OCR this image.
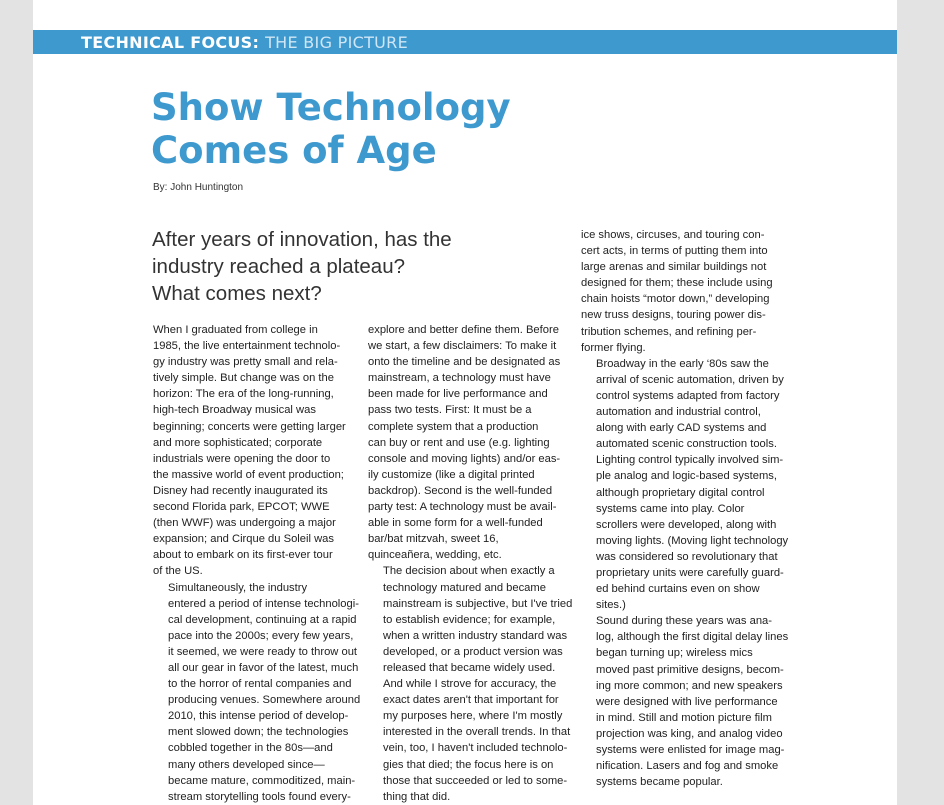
TECHNICAL FOCUS: THE BIG PICTURE
Show Technology
Comes of Age
By: John Huntington
After years of innovation, has the
industry reached a plateau?
What comes next?

When I graduated from college in
1985, the live entertainment technolo-
gy industry was pretty small and rela-
tively simple. But change was on the
horizon: The era of the long-running,
high-tech Broadway musical was
beginning; concerts were getting larger
and more sophisticated; corporate
industrials were opening the door to
the massive world of event production;
Disney had recently inaugurated its
second Florida park, EPCOT; WWE
(then WWF) was undergoing a major
expansion; and Cirque du Soleil was
about to embark on its first-ever tour
of the US.

Simultaneously, the industry
entered a period of intense technologi-
cal development, continuing at a rapid
pace into the 2000s; every few years,
it seemed, we were ready to throw out
all our gear in favor of the latest, much
to the horror of rental companies and
producing venues. Somewhere around
2010, this intense period of develop-
ment slowed down; the technologies
cobbled together in the 80s—and
many others developed since—
became mature, commoditized, main-
stream storytelling tools found every-

explore and better define them. Before
we start, a few disclaimers: To make it
onto the timeline and be designated as
mainstream, a technology must have
been made for live performance and
pass two tests. First: It must be a
complete system that a production
can buy or rent and use (e.g. lighting
console and moving lights) and/or eas-
ily customize (like a digital printed
backdrop). Second is the well-funded
party test: A technology must be avail-
able in some form for a well-funded
bar/bat mitzvah, sweet 16,
quinceañera, wedding, etc.

The decision about when exactly a
technology matured and became
mainstream is subjective, but I've tried
to establish evidence; for example,
when a written industry standard was
developed, or a product version was
released that became widely used.
And while I strove for accuracy, the
exact dates aren't that important for
my purposes here, where I'm mostly
interested in the overall trends. In that
vein, too, I haven't included technolo-
gies that died; the focus here is on
those that succeeded or led to some-
thing that did.

ice shows, circuses, and touring con-
cert acts, in terms of putting them into
large arenas and similar buildings not
designed for them; these include using
chain hoists “motor down,” developing
new truss designs, touring power dis-
tribution schemes, and refining per-
former flying.

Broadway in the early ‘80s saw the
arrival of scenic automation, driven by
control systems adapted from factory
automation and industrial control,
along with early CAD systems and
automated scenic construction tools.
Lighting control typically involved sim-
ple analog and logic-based systems,
although proprietary digital control
systems came into play. Color
scrollers were developed, along with
moving lights. (Moving light technology
was considered so revolutionary that
proprietary units were carefully guard-
ed behind curtains even on show
sites.)

Sound during these years was ana-
log, although the first digital delay lines
began turning up; wireless mics
moved past primitive designs, becom-
ing more common; and new speakers
were designed with live performance
in mind. Still and motion picture film
projection was king, and analog video
systems were enlisted for image mag-
nification. Lasers and fog and smoke
systems became popular.
